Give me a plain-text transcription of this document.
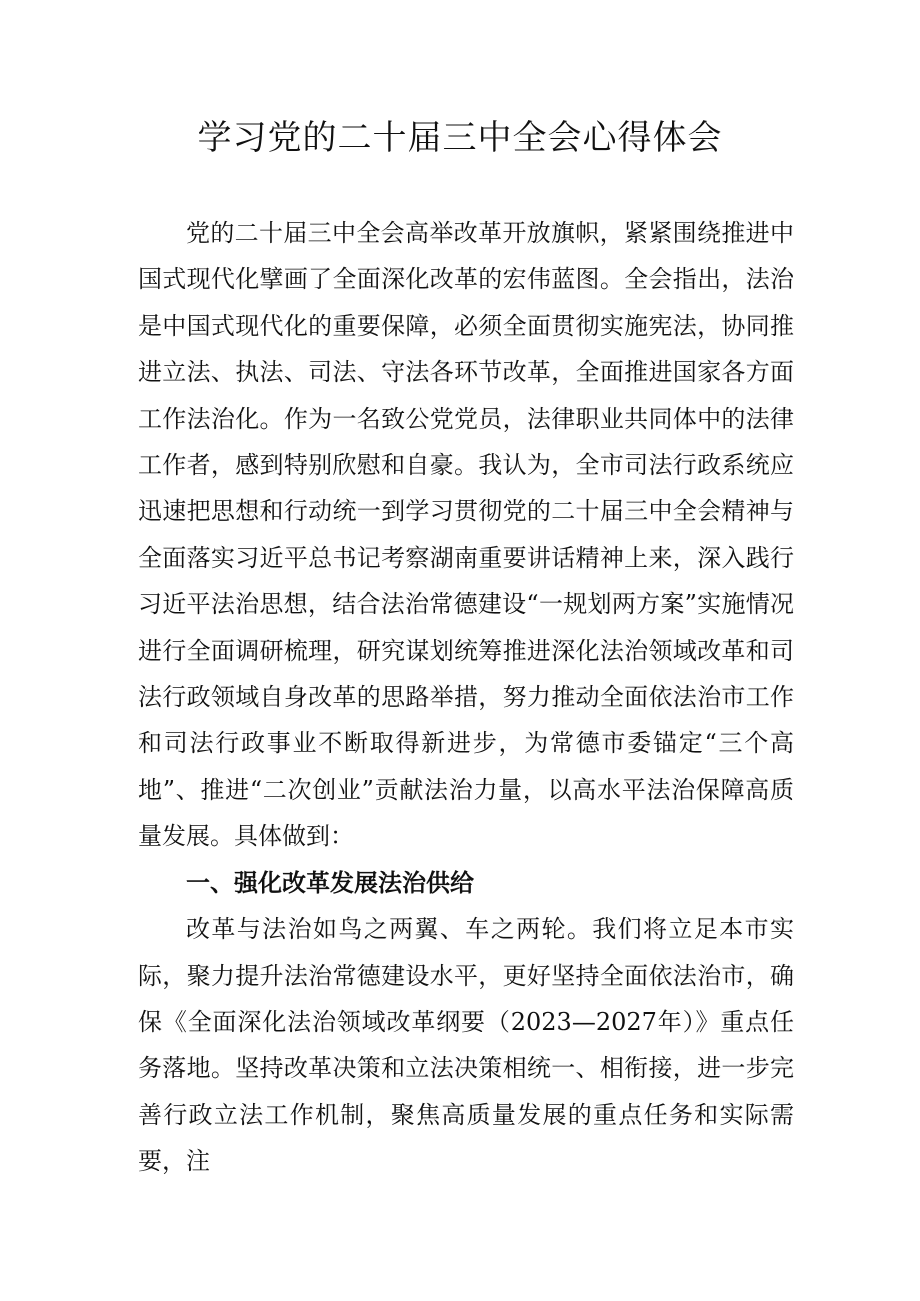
学习党的二十届三中全会心得体会

党的二十届三中全会高举改革开放旗帜，紧紧围绕推进中国式现代化擘画了全面深化改革的宏伟蓝图。全会指出，法治是中国式现代化的重要保障，必须全面贯彻实施宪法，协同推进立法、执法、司法、守法各环节改革，全面推进国家各方面工作法治化。作为一名致公党党员，法律职业共同体中的法律工作者，感到特别欣慰和自豪。我认为，全市司法行政系统应迅速把思想和行动统一到学习贯彻党的二十届三中全会精神与全面落实习近平总书记考察湖南重要讲话精神上来，深入践行习近平法治思想，结合法治常德建设“一规划两方案”实施情况进行全面调研梳理，研究谋划统筹推进深化法治领域改革和司法行政领域自身改革的思路举措，努力推动全面依法治市工作和司法行政事业不断取得新进步，为常德市委锚定“三个高地”、推进“二次创业”贡献法治力量，以高水平法治保障高质量发展。具体做到：

一、强化改革发展法治供给

改革与法治如鸟之两翼、车之两轮。我们将立足本市实际，聚力提升法治常德建设水平，更好坚持全面依法治市，确保《全面深化法治领域改革纲要（2023—2027年）》重点任务落地。坚持改革决策和立法决策相统一、相衔接，进一步完善行政立法工作机制，聚焦高质量发展的重点任务和实际需要，注
